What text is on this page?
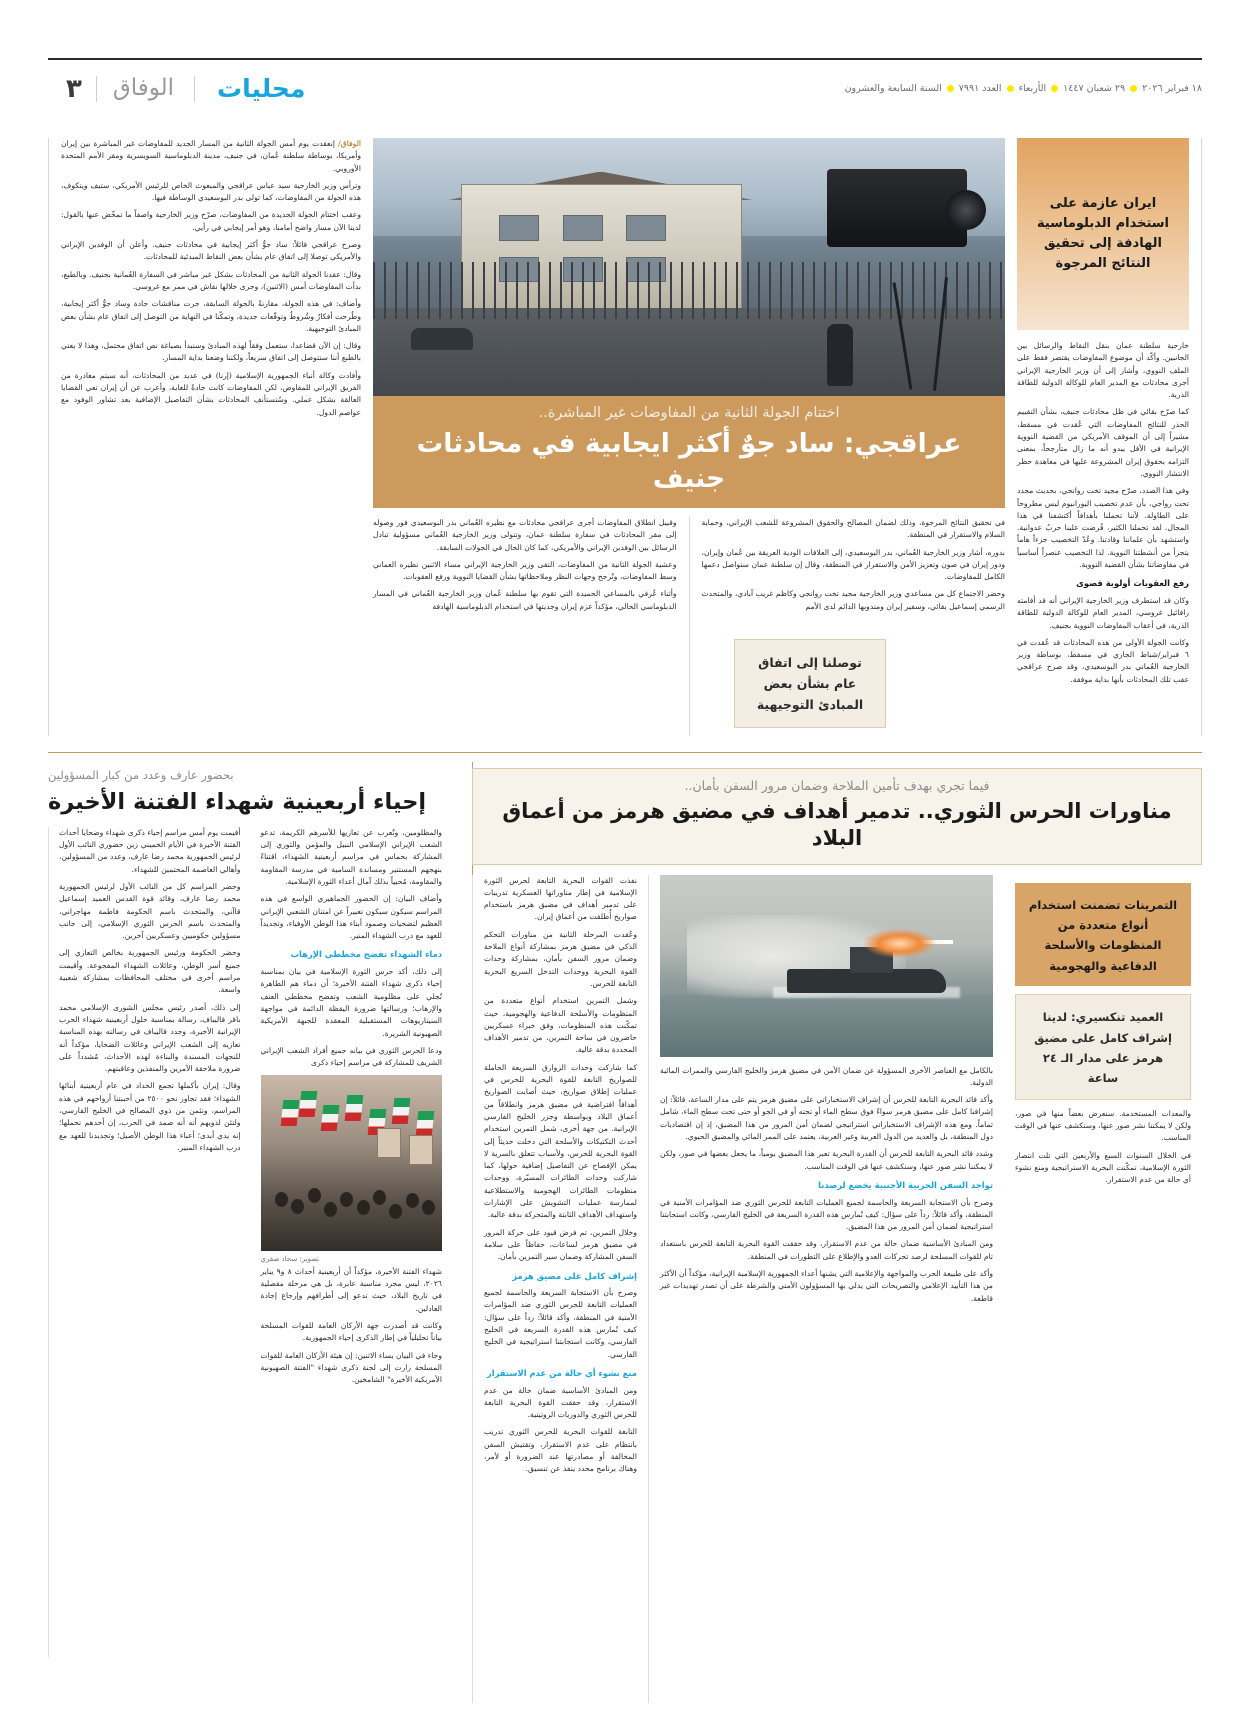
٣	الوفاق	محليات	السنة السابعة والعشرون العدد ٧٩٩١ الأربعاء ٢٩ شعبان ١٤٤٧ ١٨ فبراير ٢٠٢٦

الوفاق/ إنعقدت يوم أمس الجولة الثانية من المسار الجديد للمفاوضات غير المباشرة بين إيران وأمريكا، بوساطة سلطنة عُمان، في جنيف، مدينة الدبلوماسية السويسرية ومقر الأمم المتحدة الأوروبي.

وترأس وزير الخارجية سيد عباس عراقجي والمبعوث الخاص للرئيس الأمريكي، ستيف ويتكوف، هذه الجولة من المفاوضات، كما تولى بدر البوسعيدي الوساطة فيها.

وعقب اختتام الجولة الجديدة من المفاوضات، صرّح وزير الخارجية واصفاً ما تمخّض عنها بالقول: لدينا الآن مسار واضح أمامنا، وهو أمر إيجابي في رأيي.

وصرح عراقجي قائلاً: ساد جوٌّ أكثر إيجابية في محادثات جنيف. وأعلن أن الوفدين الإيراني والأمريكي توصلا إلى اتفاق عام بشأن بعض النقاط المبدئية للمحادثات.

وقال: عقدنا الجولة الثانية من المحادثات بشكل غير مباشر في السفارة العُمانية بجنيف. وبالطبع، بدأت المفاوضات أمس (الاثنين)، وجرى خلالها نقاش في ممر مع غروسي.

وأضاف: في هذه الجولة، مقارنةً بالجولة السابقة، جرت مناقشات جادة وساد جوٌّ أكثر إيجابية، وطُرحت أفكارٌ وشُروطٌ وتوقّعات جديدة، وتمكّنا في النهاية من التوصل إلى اتفاق عام بشأن بعض المبادئ التوجيهية.

وقال: إن الآن قضاعدا، ستعمل وفقاً لهذه المبادئ وسنبدأ بصياغة نص اتفاق محتمل، وهذا لا يعني بالطبع أننا ستتوصل إلى اتفاق سريعاً، ولكننا وضعنا بداية المسار.

وأفادت وكالة أنباء الجمهورية الإسلامية (إرنا) في عديد من المحادثات، أنه سيتم مغادرة من الفريق الإيراني للمفاوض، لكن المفاوضات كانت جادةً للغاية، وأعرب عن أن إيران تعي القضايا العالقة بشكل عملي. وسُتستأنف المحادثات بشأن التفاصيل الإضافية بعد تشاور الوفود مع عواصم الدول.	اختتام الجولة الثانية من المفاوضات غير المباشرة..
عراقجي: ساد جوٌ أكثر ايجابية في محادثات جنيف

وقبيل انطلاق المفاوضات أجرى عراقجي محادثات مع نظيره العُماني بدر البوسعيدي فور وصوله إلى مقر المحادثات في سفارة سلطنة عمان، وتتولى وزير الخارجية العُماني مسؤولية تبادل الرسائل بين الوفدين الإيراني والأمريكي، كما كان الحال في الجولات السابقة.

وعشية الجولة الثانية من المفاوضات، التقى وزير الخارجية الإيراني مساء الاثنين نظيره العماني وسط المفاوضات، وتُرجح وجهات النظر وملاحظاتها بشأن القضايا النووية ورفع العقوبات.

وأثناء عُرفي بالمساعي الحميدة التي تقوم بها سلطنة عُمان وزير الخارجية العُماني في المسار الدبلوماسي الحالي، مؤكداً عزم إيران وجديتها في استخدام الدبلوماسية الهادفة

في تحقيق النتائج المرجوة، وذلك لضمان المصالح والحقوق المشروعة للشعب الإيراني، وحماية السلام والاستقرار في المنطقة.

بدوره، أشار وزير الخارجية العُماني، بدر البوسعيدي، إلى العلاقات الودية العريقة بين عُمان وإيران، ودور إيران في صون وتعزيز الأمن والاستقرار في المنطقة، وقال إن سلطنة عمان ستواصل دعمها الكامل للمفاوضات.

وحضر الاجتماع كل من مساعدي وزير الخارجية مجيد تخت روانجي وكاظم غريب آبادي، والمتحدث الرسمي إسماعيل بقائي، وسفير إيران ومندوبها الدائم لدى الأمم

ايران عازمة على استخدام الدبلوماسية الهادفة إلى تحقيق النتائج المرجوة

خارجية سلطنة عمان بنقل النقاط والرسائل بين الجانبين. وأكّد أن موضوع المفاوضات يقتصر فقط على الملف النووي، وأشار إلى أن وزير الخارجية الإيراني أجرى محادثات مع المدير العام للوكالة الدولية للطاقة الذرية.

كما صرّح بقائي في ظل محادثات جنيف، بشأن التقييم الحذر للنتائج المفاوضات التي عُقدت في مسقط، مشيراً إلى أن الموقف الأمريكي من القضية النووية الإيرانية في الأقل يبدو أنه ما زال متأرجحاً، بمعنى التزامه بحقوق إيران المشروعة عليها في معاهدة حظر الانتشار النووي.

وفي هذا الصدد، صرّح مجيد تخت روانجي، بحديث مجدد تحت رواجي، بأن عدم تخصيب اليورانيوم ليس مطروحاً على الطاولة. لأننا تحملنا بأهدافاً أكتشفنا في هذا المجال. لقد تحملنا الكثير، فُرضت علينا حربٌ عدوانية. واستشهد بأن علماننا وقادتنا. وعُدّ التخصيب جزءاً هاماً يتجزأ من أنشطتنا النووية. لذا التخصيب عنصراً أساسياً في مفاوضاتنا بشأن القضية النووية.

رفع العقوبات أولوية قصوى

وكان قد استطرف وزير الخارجية الإيراني أنه قد أقامته رافائيل غروسي، المدير العام للوكالة الدولية للطاقة الذرية، في أعقاب المفاوضات النووية بجنيف.

وكانت الجولة الأولى من هذه المحادثات قد عُقدت في ٦ فبراير/شباط الجاري في مسقط، بوساطة وزير الخارجية العُماني بدر البوسعيدي، وقد صرح عراقجي عقب تلك المحادثات بأنها بداية موفقة.

توصلنا إلى اتفاق عام بشأن بعض المبادئ التوجيهية
فيما تجري بهدف تأمين الملاحة وضمان مرور السفن بأمان..
مناورات الحرس الثوري.. تدمير أهداف في مضيق هرمز من أعماق البلاد

نفذت القوات البحرية التابعة لحرس الثورة الإسلامية في إطار مناوراتها العسكرية تدريبات على تدمير أهداف في مضيق هرمز باستخدام صواريخ أُطلقت من أعماق إيران.

وعُقدت المرحلة الثانية من مناورات التحكم الذكي في مضيق هرمز بمشاركة أنواع الملاحة وضمان مرور السفن بأمان، بمشاركة وحدات القوة البحرية ووحدات التدخل السريع البحرية التابعة للحرس.

وشمل التمرين استخدام أنواع متعددة من المنظومات والأسلحة الدفاعية والهجومية، حيث تمكّنت هذه المنظومات، وفق خبراء عسكريين حاضرون في ساحة التمرين، من تدمير الأهداف المحددة بدقة عالية.

كما شاركت وحدات الزوارق السريعة الحاملة للصواريخ التابعة للقوة البحرية للحرس في عمليات إطلاق صواريخ، حيث أصابت الصواريخ أهدافاً افتراضية في مضيق هرمز وانطلاقاً من أعماق البلاد وبواسطة وجزر الخليج الفارسي الإيرانية. من جهة أخرى، شمل التمرين استخدام أحدث التكتيكات والأسلحة التي دخلت حديثاً إلى القوة البحرية للحرس، ولأسباب تتعلق بالسرية لا يمكن الإفصاح عن التفاصيل إضافية حولها، كما شاركت وحدات الطائرات المسيّرة، ووحدات منظومات الطائرات الهجومية والاستطلاعية لممارسة عمليات التشويش على الإشارات واستهداف الأهداف الثابتة والمتحركة بدقة عالية.

وخلال التمرين، تم فرض قيود على حركة المرور في مضيق هرمز لساعات، حفاظاً على سلامة السفن المشاركة وضمان سير التمرين بأمان.

إشراف كامل على مضيق هرمز

وصرح بأن الاستجابة السريعة والحاسمة لجميع العمليات التابعة للحرس الثوري ضد المؤامرات الأمنية في المنطقة، وأكد قائلاً: رداً على سؤال: كيف تُمارس هذه القدرة السريعة في الخليج الفارسي، وكانت استجابتنا استراتيجية في الخليج الفارسي.

منع نشوء أي حالة من عدم الاستقرار

ومن المبادئ الأساسية ضمان حالة من عدم الاستقرار، وقد حققت القوة البحرية التابعة للحرس الثوري والدوريات الروتينية.

التابعة للقوات البحرية للحرس الثوري تدريب بانتظام على عدم الاستقرار، وتقتيش السفن المخالفة أو مصادرتها عند الضرورة أو لأمر، وهناك برنامج محدد ينفذ عن تنسيق.

بالكامل مع العناصر الأخرى المسؤولة عن ضمان الأمن في مضيق هرمز والخليج الفارسي والممرات المائية الدولية.

وأكد قائد البحرية التابعة للحرس أن إشراف الاستخباراتي على مضيق هرمز يتم على مدار الساعة، قائلاً: إن إشرافنا كامل على مضيق هرمز سواءً فوق سطح الماء أو تحته أو في الجو أو حتى تحت سطح الماء، شامل تماماً. ومع هذه الإشراف الاستخباراتي استراتيجي لضمان أمن المرور من هذا المضيق، إذ إن اقتصاديات دول المنطقة، بل والعديد من الدول العربية وغير العربية، يعتمد على الممر المائي والمضيق الحيوي.

وشدد قائد البحرية التابعة للحرس أن القدرة البحرية تعبر هذا المضيق يومياً، ما يجعل بعضها في صور، ولكن لا يمكننا نشر صور عنها، وسنكشف عنها في الوقت المناسب.

تواجد السفن الحربية الأجنبية يخضع لرصدنا

وصرح بأن الاستجابة السريعة والحاسمة لجميع العمليات التابعة للحرس الثوري ضد المؤامرات الأمنية في المنطقة، وأكد قائلاً: رداً على سؤال: كيف تُمارس هذه القدرة السريعة في الخليج الفارسي، وكانت استجابتنا استراتيجية لضمان أمن المرور من هذا المضيق.

ومن المبادئ الأساسية ضمان حالة من عدم الاستقرار، وقد حققت القوة البحرية التابعة للحرس باستعداد تام للقوات المسلحة لرصد تحركات العدو والإطلاع على التطورات في المنطقة.

وأكد على طبيعة الحرب والمواجهة والإعلامية التي يشنها أعداء الجمهورية الإسلامية الإيرانية، مؤكداً أن الأكثر من هذا التأييد الإعلامي والتصريحات التي يدلي بها المسؤولون الأمني والشرطة على أن تصدر تهديدات غير قاطعة.

التمرينات تضمنت استخدام أنواع متعددة من المنظومات والأسلحة الدفاعية والهجومية
العميد تنكسيري: لدينا إشراف كامل على مضيق هرمز على مدار الـ ٢٤ ساعة

والمعدات المستخدمة. سنعرض بعضاً منها في صور، ولكن لا يمكننا نشر صور عنها، وسنكشف عنها في الوقت المناسب.

في الخلال السنوات السبع والأربعين التي تلت انتصار الثورة الإسلامية، تمكّنت البحرية الاستراتيجية ومنع نشوء أي حالة من عدم الاستقرار.

بحضور عارف وعدد من كبار المسؤولين
إحياء أربعينية شهداء الفتنة الأخيرة

أقيمت يوم أمس مراسم إحياء ذكرى شهداء وضحايا أحداث الفتنة الأخيرة في الأيام الخميني زين حضوري النائب الأول لرئيس الجمهورية محمد رضا عارف، وعدد من المسؤولين، وأهالي العاصمة المحتمين للشهداء.

وحضر المراسم كل من النائب الأول لرئيس الجمهورية محمد رضا عارف، وقائد قوة القدس العميد إسماعيل قاآني، والمتحدث باسم الحكومة فاطمة مهاجراني، والمتحدث باسم الحرس الثوري الإسلامي، إلى جانب مسؤولين حكوميين وعسكريين آخرين.

وحضر الحكومة ورئيس الجمهورية بخالص التعازي إلى جميع أسر الوطن، وعائلات الشهداء المفجوعة. وأقيمت مراسم أخرى في مختلف المحافظات بمشاركة شعبية واسعة.

إلى ذلك، أصدر رئيس مجلس الشورى الإسلامي محمد باقر قاليباف، رسالة بمناسبة حلول أربعينية شهداء الحرب الإيرانية الأخيرة، وجدد قاليباف في رسالته بهذه المناسبة تعازيه إلى الشعب الإيراني وعائلات الضحايا، مؤكداً أنه للنجهات المسندة والبناءة لهذه الأحداث، مُشدداً على ضرورة ملاحقة الآمرين والمنفذين وعاقبتهم.

وقال: إيران بأكملها تجمع الحداد في عام أربعينية أبنائها الشهداء؛ فقد تجاوز نحو ٢٥٠٠ من أحببتنا أرواحهم في هذه المراسم، ونثمن من ذوي المصالح في الخليج الفارسي، ولتئن لذويهم أنه أنه صمد في الحرب، إن أحدهم تحملها؛ إنه يدي أبدى؛ أعباء هذا الوطن الأصيل؛ وتجديدنا للعهد مع درب الشهداء المنير.

والمظلومين، وتُعرب عن تعازيها للأسرهم الكريمة، تدعو الشعب الإيراني الإسلامي النبيل والمؤمن والثوري إلى المشاركة بحماس في مراسم أربعينية الشهداء، اقتناءً بنهجهم المستنير ومساندة السامية في مدرسة المقاومة والمقاومة، مُحيياً بذلك آمال أعداء الثورة الإسلامية.

وأضاف البيان: إن الحضور الجماهيري الواسع في هذه المراسم سيكون سيكون تعبيراً عن امتنان الشعبي الإيراني العظيم لتضحيات وصمود أبناء هذا الوطن الأوفياء، وتجديداً للعهد مع درب الشهداء المنير.

دماء الشهداء تفضح مخططي الإرهاب

إلى ذلك، أكد حرس الثورة الإسلامية في بيان بمناسبة إحياء ذكرى شهداء الفتنة الأخيرة؛ أن دماء هم الطاهرة تُجلي على مظلومية الشعب وتفضح مخططي العنف والإرهاب؛ ورسالتها ضرورة اليقظة الدائمة في مواجهة السيناريوهات المستقبلية المعقدة للجبهة الأمريكية الصهيونية الشريرة.

ودعا الحرس الثوري في بيانه جميع أفراد الشعب الإيراني الشريف للمشاركة في مراسم إحياء ذكرى

تصوير: سجاد صفري

شهداء الفتنة الأخيرة، مؤكداً أن أربعينية أحداث ٨ و٩ يناير ٢٠٢٦، ليس مجرد مناسبة عابرة، بل هي مرحلة مفصلية في تاريخ البلاد، حيث تدعو إلى أطرافهم وإرجاع إجادة العادلين.

وكانت قد أصدرت جهة الأركان العامة للقوات المسلحة بياناً تحليلياً في إطار الذكرى إحياء الجمهورية.

وجاء في البيان يساء الاثنين: إن هيئة الأركان العامة للقوات المسلحة زارت إلى لجنة ذكرى شهداء "الفتنة الصهيونية الأمريكية الأخيرة" الشامخين.
